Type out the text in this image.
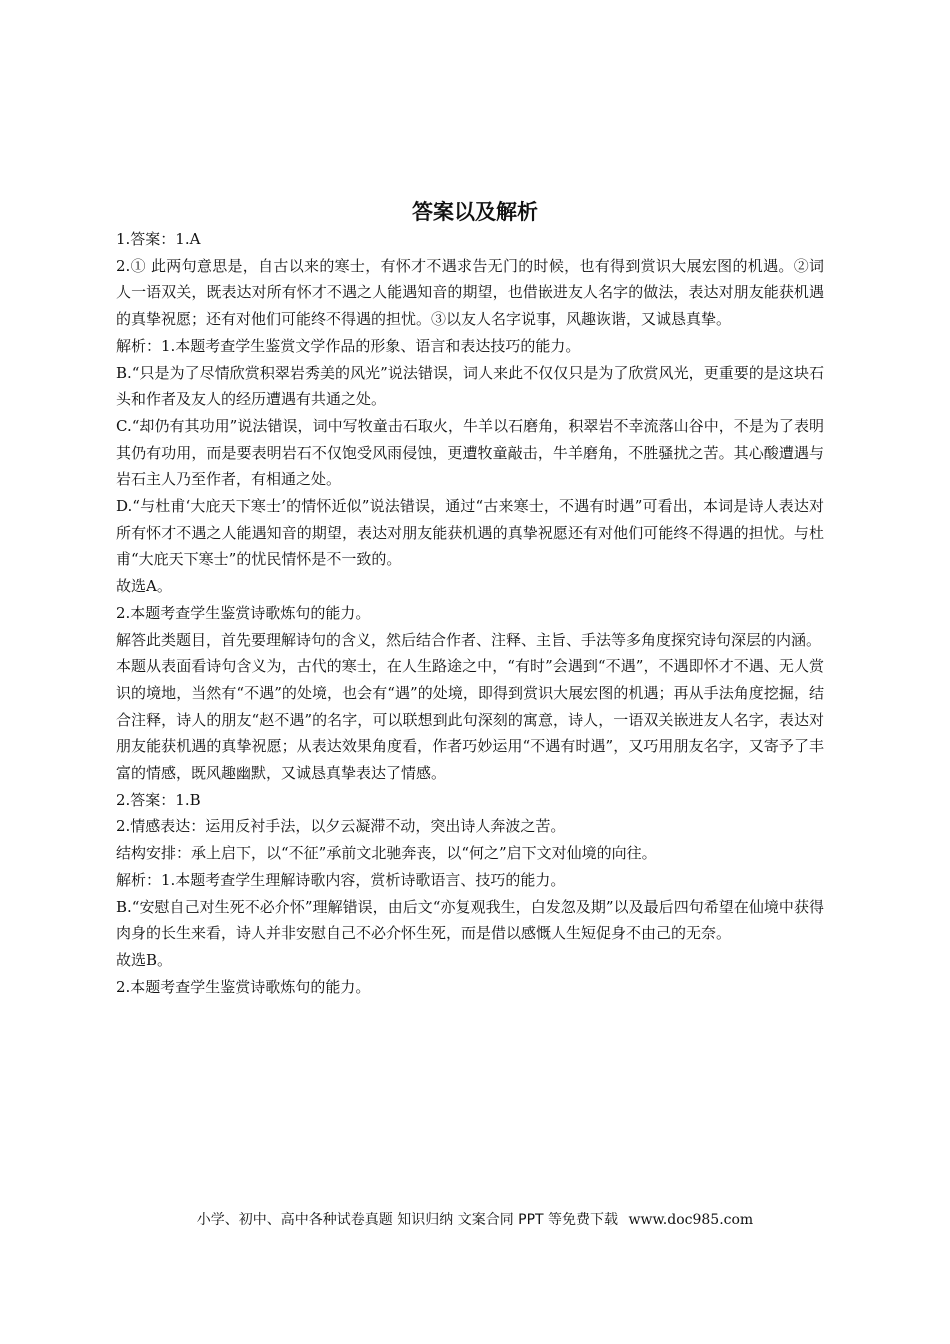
答案以及解析

1.答案：1.A

2.① 此两句意思是，自古以来的寒士，有怀才不遇求告无门的时候，也有得到赏识大展宏图的机遇。②词人一语双关，既表达对所有怀才不遇之人能遇知音的期望，也借嵌进友人名字的做法，表达对朋友能获机遇的真挚祝愿；还有对他们可能终不得遇的担忧。③以友人名字说事，风趣诙谐，又诚恳真挚。

解析：1.本题考查学生鉴赏文学作品的形象、语言和表达技巧的能力。

B.“只是为了尽情欣赏积翠岩秀美的风光”说法错误，词人来此不仅仅只是为了欣赏风光，更重要的是这块石头和作者及友人的经历遭遇有共通之处。

C.“却仍有其功用”说法错误，词中写牧童击石取火，牛羊以石磨角，积翠岩不幸流落山谷中，不是为了表明其仍有功用，而是要表明岩石不仅饱受风雨侵蚀，更遭牧童敲击，牛羊磨角，不胜骚扰之苦。其心酸遭遇与岩石主人乃至作者，有相通之处。

D.“与杜甫‘大庇天下寒士’的情怀近似”说法错误，通过“古来寒士，不遇有时遇”可看出，本词是诗人表达对所有怀才不遇之人能遇知音的期望，表达对朋友能获机遇的真挚祝愿还有对他们可能终不得遇的担忧。与杜甫“大庇天下寒士”的忧民情怀是不一致的。

故选A。

2.本题考查学生鉴赏诗歌炼句的能力。

解答此类题目，首先要理解诗句的含义，然后结合作者、注释、主旨、手法等多角度探究诗句深层的内涵。

本题从表面看诗句含义为，古代的寒士，在人生路途之中，“有时”会遇到“不遇”，不遇即怀才不遇、无人赏识的境地，当然有“不遇”的处境，也会有“遇”的处境，即得到赏识大展宏图的机遇；再从手法角度挖掘，结合注释，诗人的朋友“赵不遇”的名字，可以联想到此句深刻的寓意，诗人，一语双关嵌进友人名字，表达对朋友能获机遇的真挚祝愿；从表达效果角度看，作者巧妙运用“不遇有时遇”，又巧用朋友名字，又寄予了丰富的情感，既风趣幽默，又诚恳真挚表达了情感。

2.答案：1.B

2.情感表达：运用反衬手法，以夕云凝滞不动，突出诗人奔波之苦。

结构安排：承上启下，以“不征”承前文北驰奔丧，以“何之”启下文对仙境的向往。

解析：1.本题考查学生理解诗歌内容，赏析诗歌语言、技巧的能力。

B.“安慰自己对生死不必介怀”理解错误，由后文“亦复观我生，白发忽及期”以及最后四句希望在仙境中获得肉身的长生来看，诗人并非安慰自己不必介怀生死，而是借以感慨人生短促身不由己的无奈。

故选B。

2.本题考查学生鉴赏诗歌炼句的能力。

小学、初中、高中各种试卷真题 知识归纳 文案合同 PPT 等免费下载 www.doc985.com
